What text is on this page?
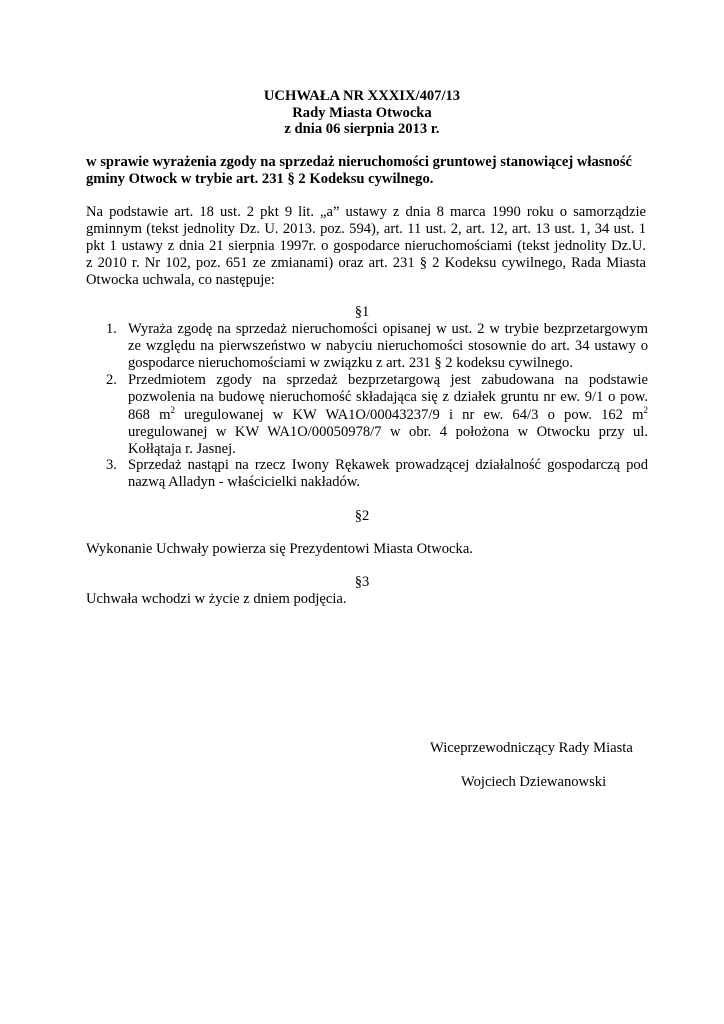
UCHWAŁA NR XXXIX/407/13
Rady Miasta Otwocka
z dnia 06 sierpnia 2013 r.
w sprawie wyrażenia zgody na sprzedaż nieruchomości gruntowej stanowiącej własność
gminy Otwock w trybie art. 231 § 2 Kodeksu cywilnego.
Na podstawie art. 18 ust. 2 pkt 9 lit. „a” ustawy z dnia 8 marca 1990 roku o samorządzie
gminnym (tekst jednolity Dz. U. 2013. poz. 594), art. 11 ust. 2, art. 12, art. 13 ust. 1, 34 ust. 1
pkt 1 ustawy z dnia 21 sierpnia 1997r. o gospodarce nieruchomościami (tekst jednolity Dz.U.
z 2010 r. Nr 102, poz. 651 ze zmianami) oraz art. 231 § 2 Kodeksu cywilnego, Rada Miasta
Otwocka uchwala, co następuje:
§1
1. Wyraża zgodę na sprzedaż nieruchomości opisanej w ust. 2 w trybie bezprzetargowym
ze względu na pierwszeństwo w nabyciu nieruchomości stosownie do art. 34 ustawy o
gospodarce nieruchomościami w związku z art. 231 § 2 kodeksu cywilnego.
2. Przedmiotem zgody na sprzedaż bezprzetargową jest zabudowana na podstawie
pozwolenia na budowę nieruchomość składająca się z działek gruntu nr ew. 9/1 o pow.
868 $m^2$ uregulowanej w KW WA1O/00043237/9 i nr ew. 64/3 o pow. 162 $m^2$
uregulowanej w KW WA1O/00050978/7 w obr. 4 położona w Otwocku przy ul.
Kołłątaja r. Jasnej.
3. Sprzedaż nastąpi na rzecz Iwony Rękawek prowadzącej działalność gospodarczą pod
nazwą Alladyn - właścicielki nakładów.
§2
Wykonanie Uchwały powierza się Prezydentowi Miasta Otwocka.
§3
Uchwała wchodzi w życie z dniem podjęcia.
Wiceprzewodniczący Rady Miasta
Wojciech Dziewanowski
